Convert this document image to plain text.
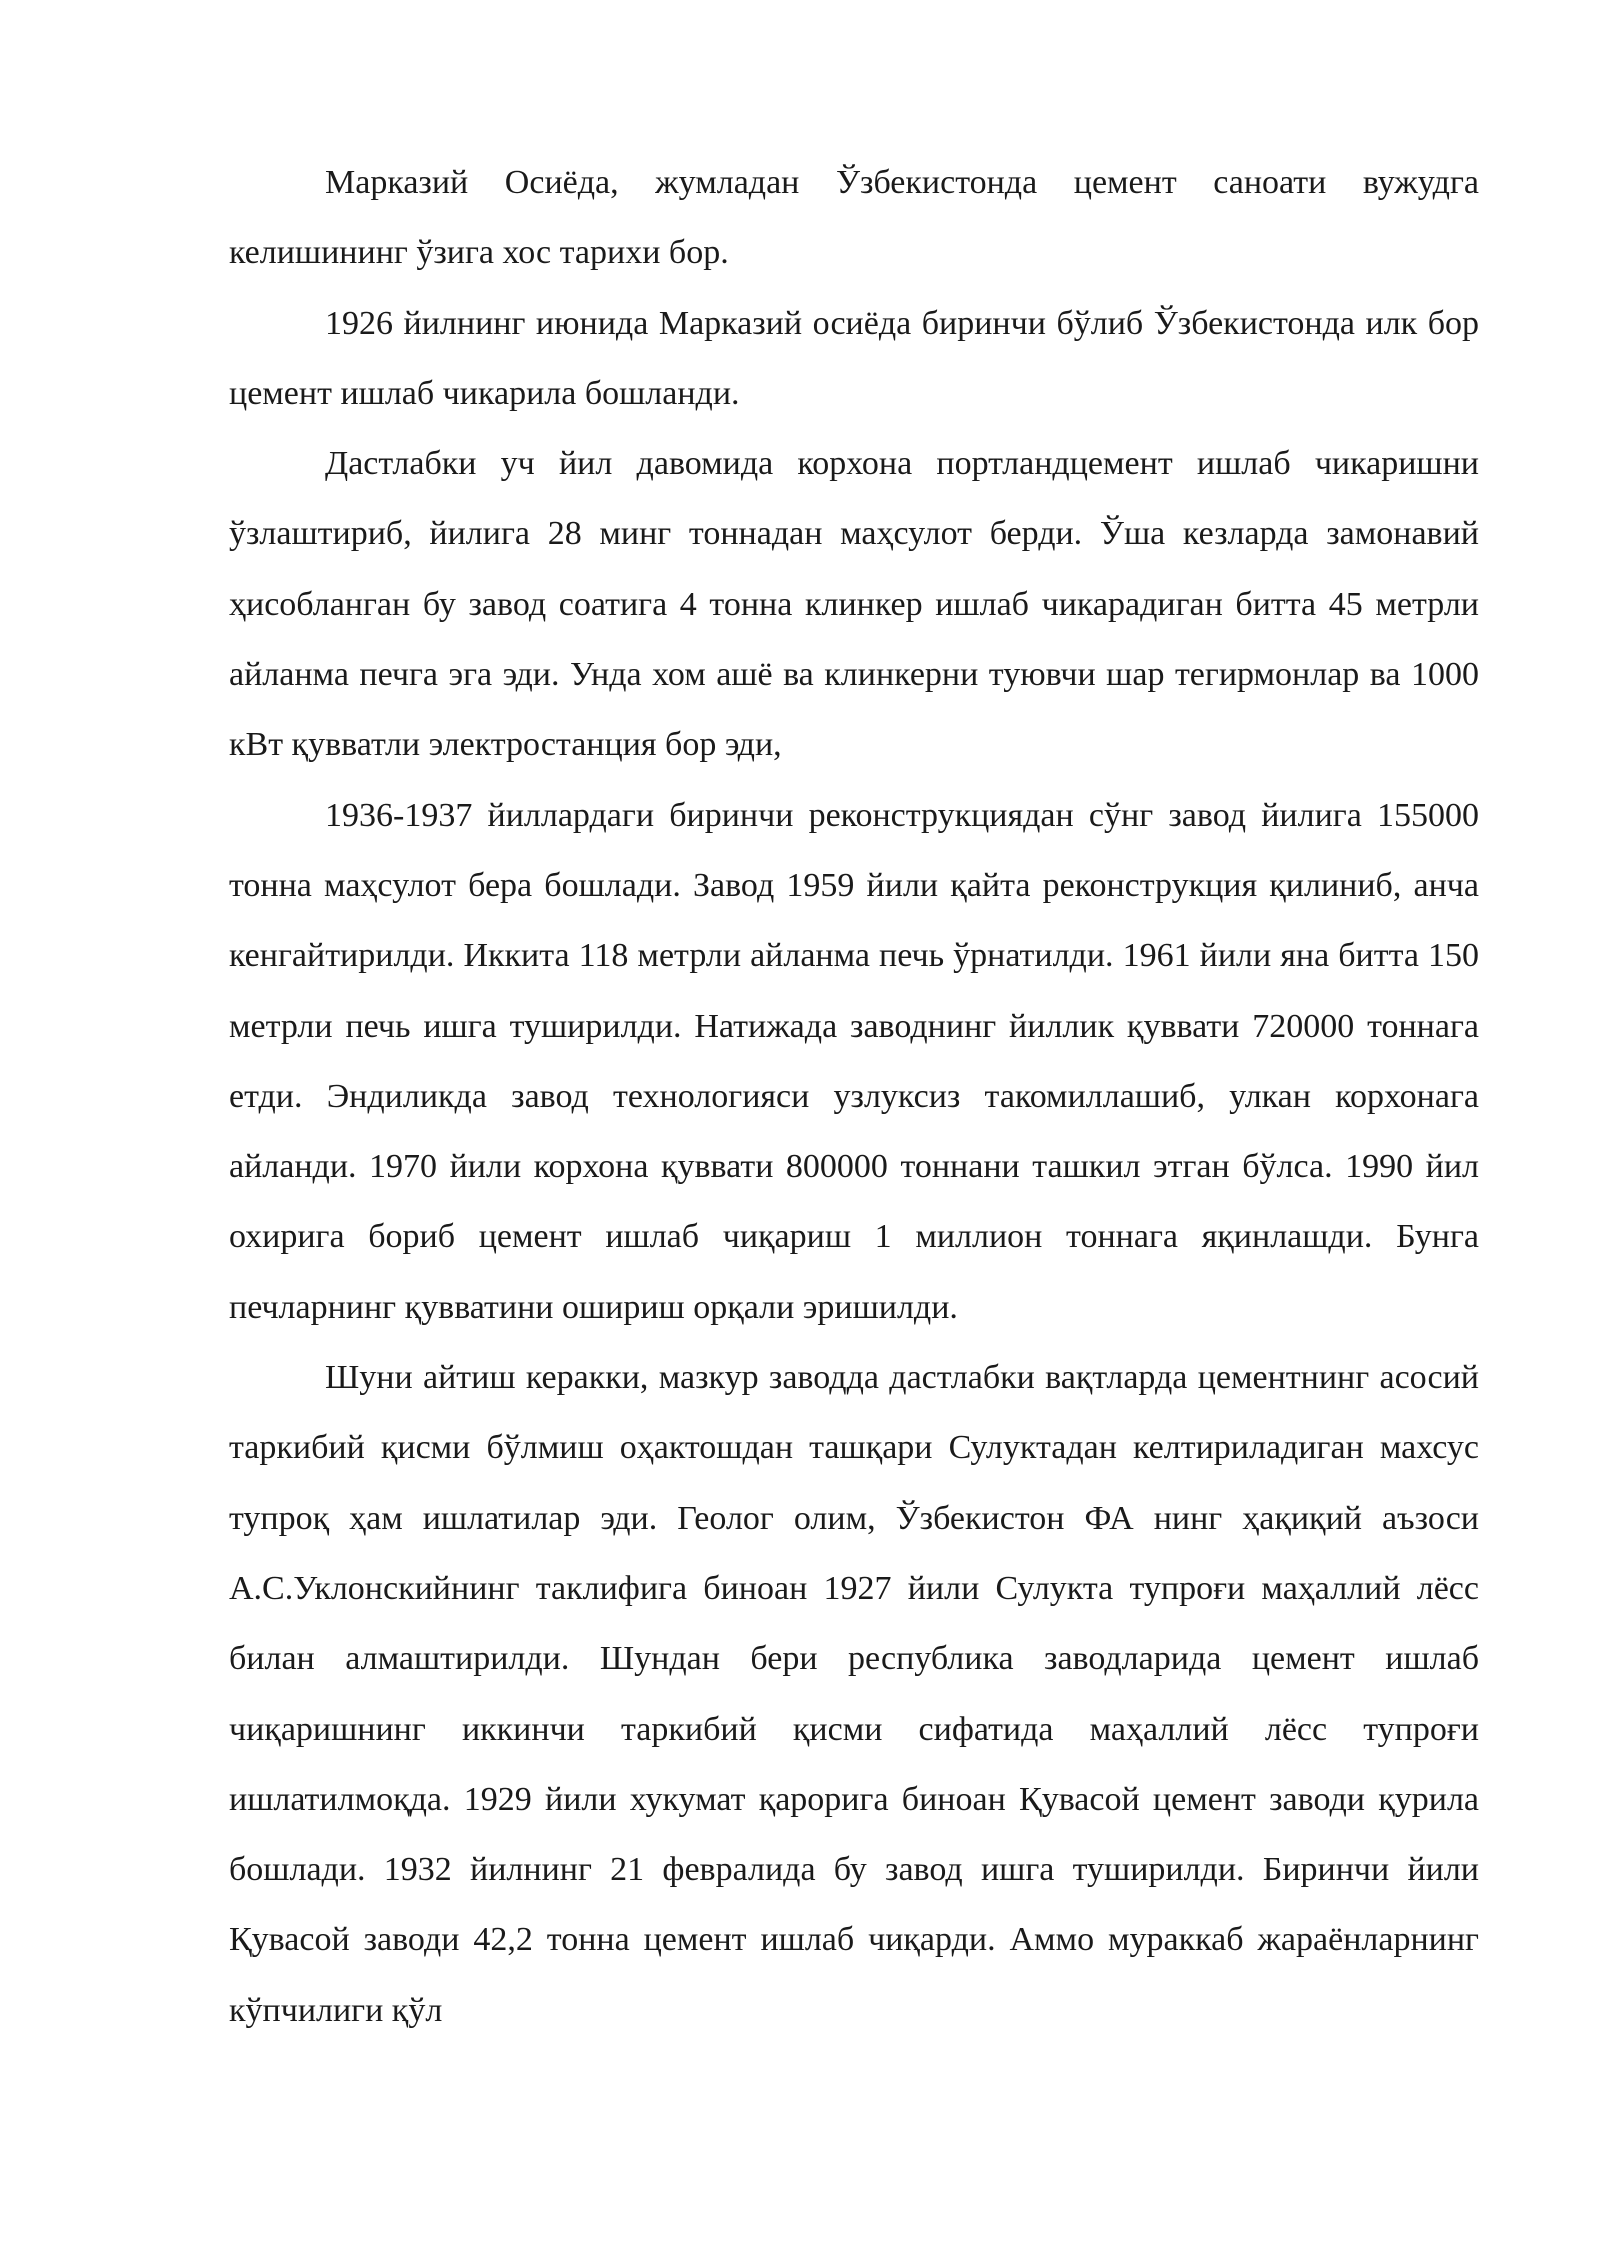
Марказий Осиёда, жумладан Ўзбекистонда цемент саноати вужудга келишининг ўзига хос тарихи бор.

1926 йилнинг июнида Марказий осиёда биринчи бўлиб Ўзбекистонда илк бор цемент ишлаб чикарила бошланди.

Дастлабки уч йил давомида корхона портландцемент ишлаб чикаришни ўзлаштириб, йилига 28 минг тоннадан маҳсулот берди. Ўша кезларда замонавий ҳисобланган бу завод соатига 4 тонна клинкер ишлаб чикарадиган битта 45 метрли айланма печга эга эди. Унда хом ашё ва клинкерни туювчи шар тегирмонлар ва 1000 кВт қувватли электростанция бор эди,

1936-1937 йиллардаги биринчи реконструкциядан сўнг завод йилига 155000 тонна маҳсулот бера бошлади. Завод 1959 йили қайта реконструкция қилиниб, анча кенгайтирилди. Иккита 118 метрли айланма печь ўрнатилди. 1961 йили яна битта 150 метрли печь ишга туширилди. Натижада заводнинг йиллик қуввати 720000 тоннага етди. Эндиликда завод технологияси узлуксиз такомиллашиб, улкан корхонага айланди. 1970 йили корхона қуввати 800000 тоннани ташкил этган бўлса. 1990 йил охирига бориб цемент ишлаб чиқариш 1 миллион тоннага яқинлашди. Бунга печларнинг қувватини ошириш орқали эришилди.

Шуни айтиш керакки, мазкур заводда дастлабки вақтларда цементнинг асосий таркибий қисми бўлмиш оҳактошдан ташқари Сулуктадан келтириладиган махсус тупроқ ҳам ишлатилар эди. Геолог олим, Ўзбекистон ФА нинг ҳақиқий аъзоси А.С.Уклонскийнинг таклифига биноан 1927 йили Сулукта тупроғи маҳаллий лёсс билан алмаштирилди. Шундан бери республика заводларида цемент ишлаб чиқаришнинг иккинчи таркибий қисми сифатида маҳаллий лёсс тупроғи ишлатилмоқда. 1929 йили хукумат қарорига биноан Қувасой цемент заводи қурила бошлади. 1932 йилнинг 21 февралида бу завод ишга туширилди. Биринчи йили Қувасой заводи 42,2 тонна цемент ишлаб чиқарди. Аммо мураккаб жараёнларнинг кўпчилиги қўл
